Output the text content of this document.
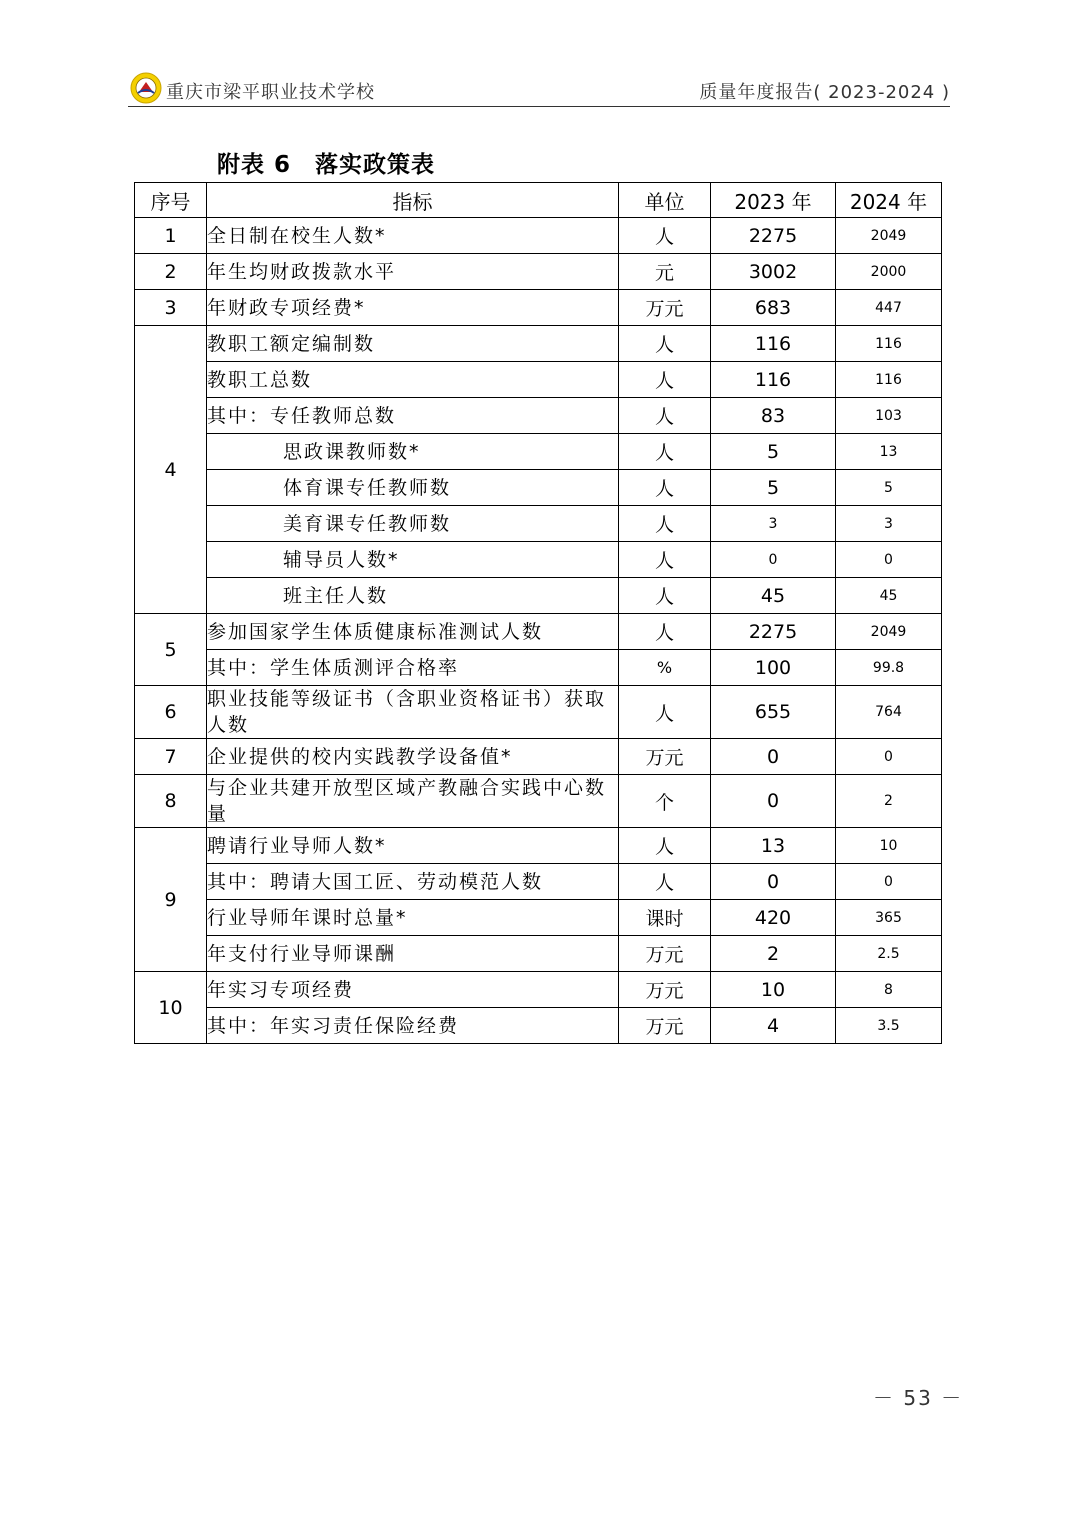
重庆市梁平职业技术学校	质量年度报告( 2023-2024 )
附表 6　落实政策表
序号	指标	单位	2023 年	2024 年
1	全日制在校生人数*	人	2275	2049
2	年生均财政拨款水平	元	3002	2000
3	年财政专项经费*	万元	683	447
4	教职工额定编制数	人	116	116
	教职工总数	人	116	116
	其中：专任教师总数	人	83	103
	思政课教师数*	人	5	13
	体育课专任教师数	人	5	5
	美育课专任教师数	人	3	3
	辅导员人数*	人	0	0
	班主任人数	人	45	45
5	参加国家学生体质健康标准测试人数	人	2275	2049
	其中：学生体质测评合格率	%	100	99.8
6	职业技能等级证书（含职业资格证书）获取人数	人	655	764
7	企业提供的校内实践教学设备值*	万元	0	0
8	与企业共建开放型区域产教融合实践中心数量	个	0	2
9	聘请行业导师人数*	人	13	10
	其中：聘请大国工匠、劳动模范人数	人	0	0
	行业导师年课时总量*	课时	420	365
	年支付行业导师课酬	万元	2	2.5
10	年实习专项经费	万元	10	8
	其中：年实习责任保险经费	万元	4	3.5
－ 53 －
